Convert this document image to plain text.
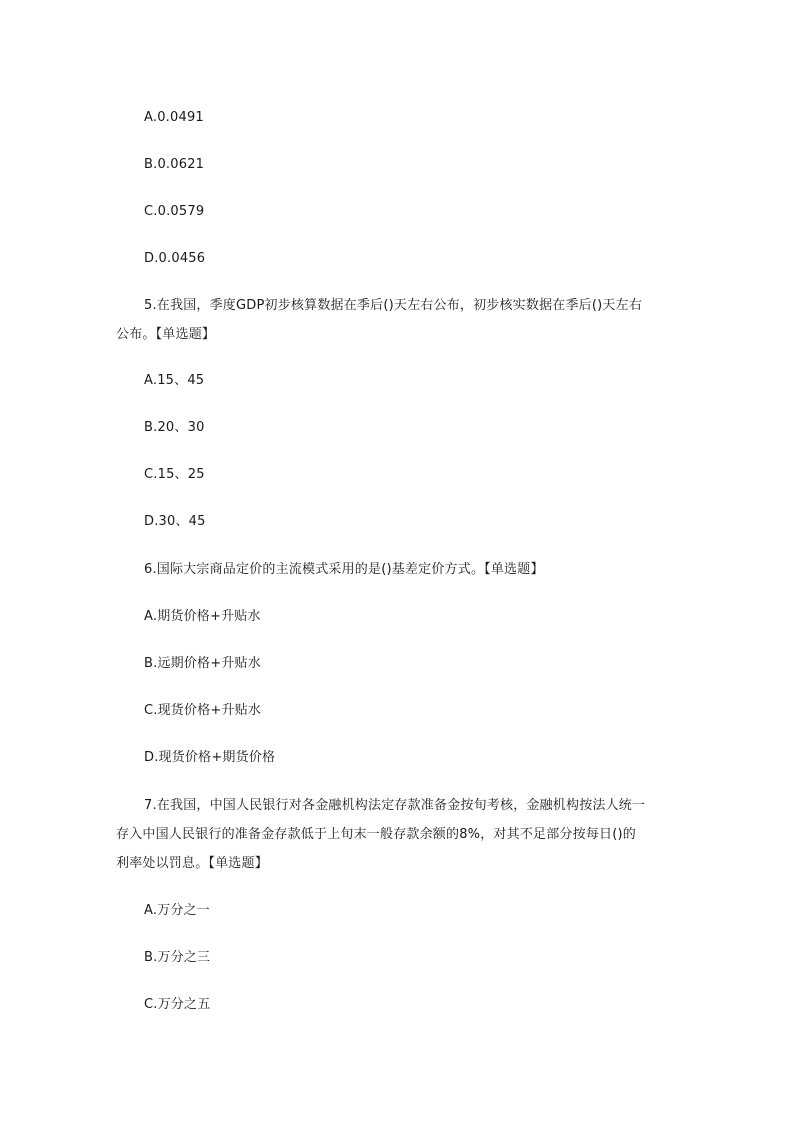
A.0.0491
B.0.0621
C.0.0579
D.0.0456
5.在我国，季度GDP初步核算数据在季后()天左右公布，初步核实数据在季后()天左右
公布。【单选题】
A.15、45
B.20、30
C.15、25
D.30、45
6.国际大宗商品定价的主流模式采用的是()基差定价方式。【单选题】
A.期货价格+升贴水
B.远期价格+升贴水
C.现货价格+升贴水
D.现货价格+期货价格
7.在我国，中国人民银行对各金融机构法定存款准备金按旬考核，金融机构按法人统一
存入中国人民银行的准备金存款低于上旬末一般存款余额的8%，对其不足部分按每日()的
利率处以罚息。【单选题】
A.万分之一
B.万分之三
C.万分之五
